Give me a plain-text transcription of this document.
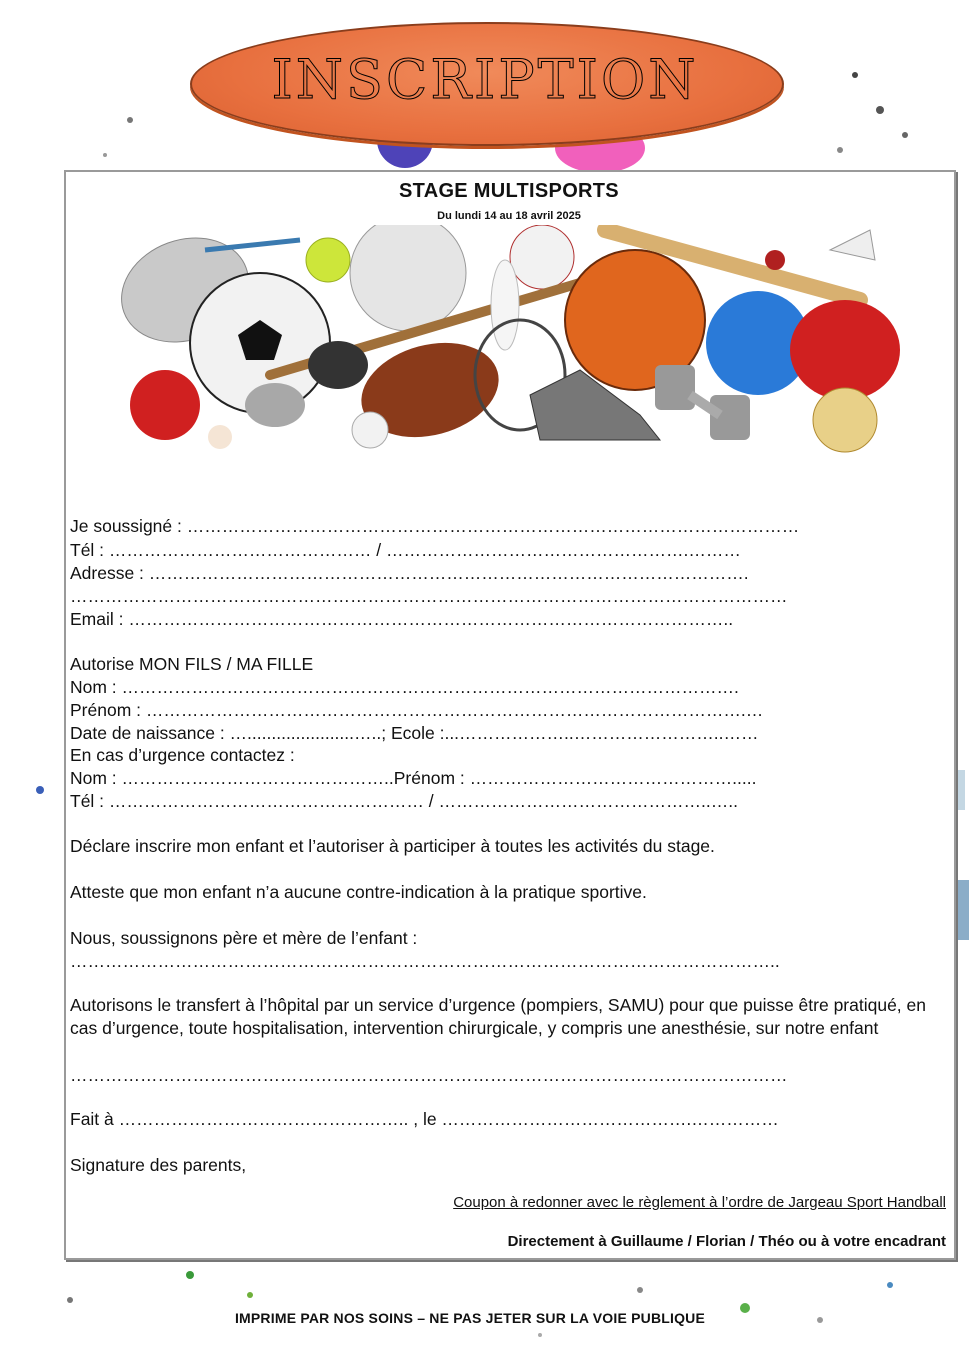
INSCRIPTION
STAGE MULTISPORTS
Du lundi 14 au 18 avril 2025
Je soussigné : ……………………………………………………………………………………………
Tél : ……………………………………… / …………………………………………….………
Adresse : ………………………………………………………………………………………….
……………………………………………………………………………………………………………
Email : …………………………………………………………………………………………..
Autorise MON FILS / MA FILLE
Nom : …………………………………………………………………………………………….
Prénom : ………………………………………………………………………………………….…
Date de naissance : …......................…..; Ecole :...………………..……………………..……
En cas d’urgence contactez :
Nom : ………………………………………..Prénom : ……………………………………….....
Tél : ……………………………………………… / ………………………………………..…..
Déclare inscrire mon enfant et l’autoriser à participer à toutes les activités du stage.
Atteste que mon enfant n’a aucune contre-indication à la pratique sportive.
Nous, soussignons père et mère de l’enfant :
…………………………………………………………………………………………………………..
Autorisons le transfert à l’hôpital par un service d’urgence (pompiers, SAMU) pour que puisse être pratiqué, en cas d’urgence, toute hospitalisation, intervention chirurgicale, y compris une anesthésie, sur notre enfant
……………………………………………………………………………………………………………
Fait à ………………………………………….. , le …………………………………….……………
Signature des parents,
Coupon à redonner avec le règlement à l’ordre de Jargeau Sport Handball
Directement à Guillaume / Florian / Théo ou à votre encadrant
IMPRIME PAR NOS SOINS – NE PAS JETER SUR LA VOIE PUBLIQUE
